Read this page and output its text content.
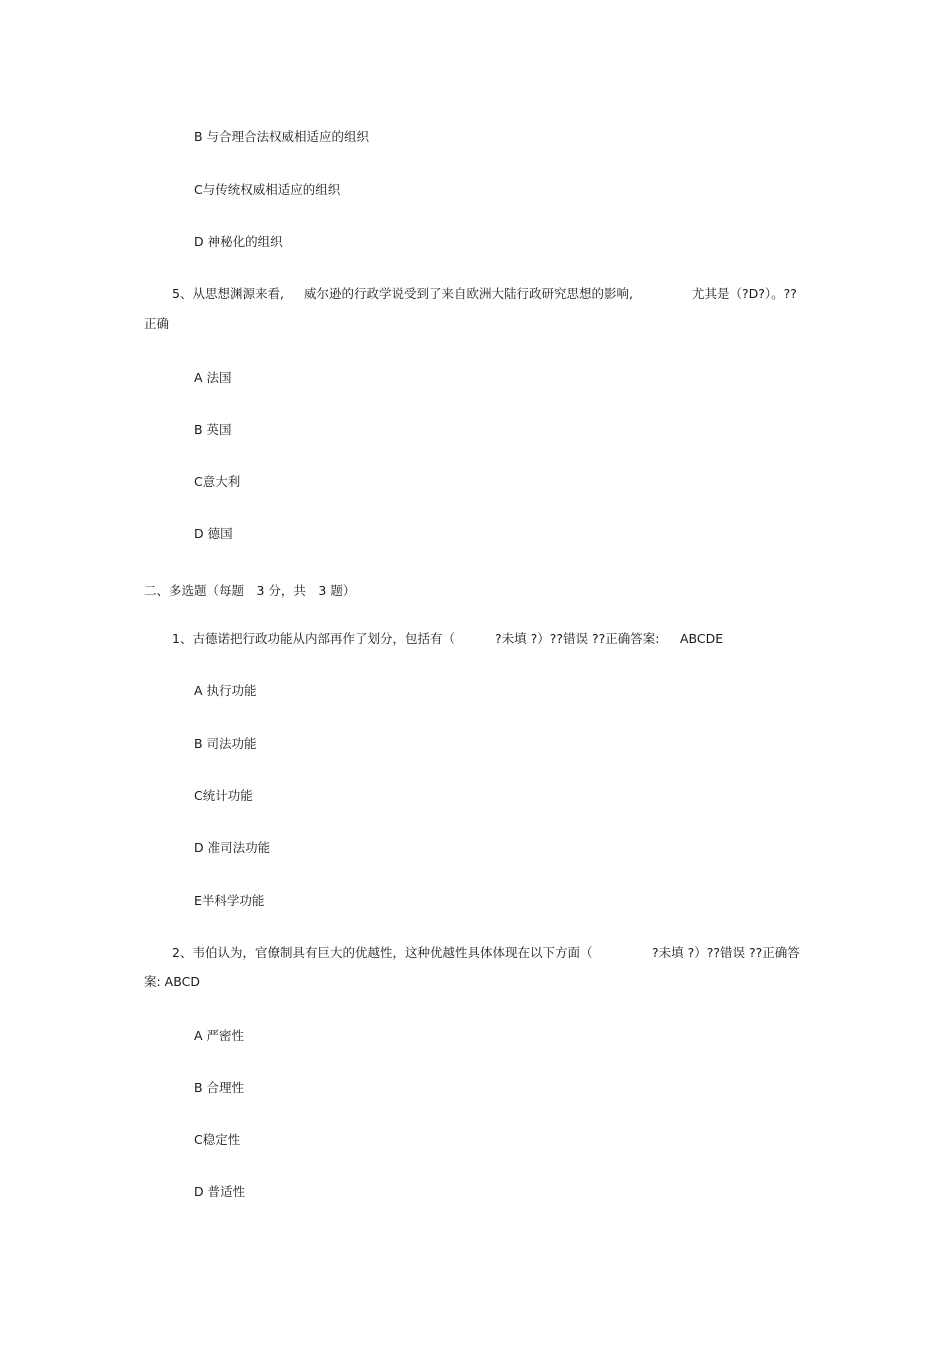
B 与合理合法权威相适应的组织
C与传统权威相适应的组织
D 神秘化的组织
5、从思想渊源来看, 威尔逊的行政学说受到了来自欧洲大陆行政研究思想的影响,	尤其是（?D?）。??
正确
A 法国
B 英国
C意大利
D 德国
二、多选题（每题　3 分，共　3 题）
1、古德诺把行政功能从内部再作了划分，包括有（	?未填 ?）??错误 ??正确答案: ABCDE
A 执行功能
B 司法功能
C统计功能
D 准司法功能
E半科学功能
2、韦伯认为，官僚制具有巨大的优越性，这种优越性具体体现在以下方面（	?未填 ?）??错误 ??正确答
案: ABCD
A 严密性
B 合理性
C稳定性
D 普适性
